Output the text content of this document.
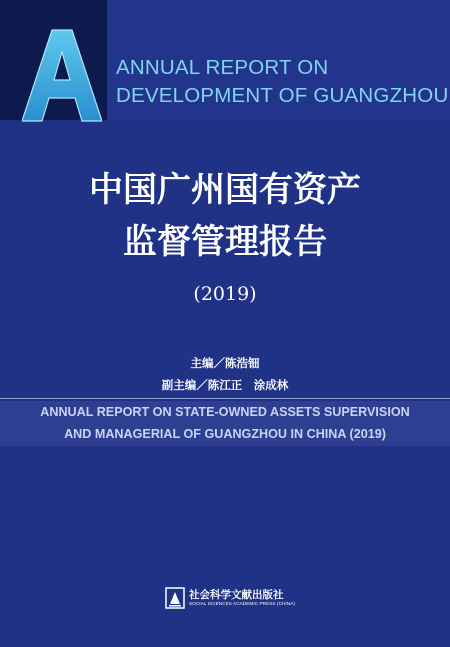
ANNUAL REPORT ON
DEVELOPMENT OF GUANGZHOU
中国广州国有资产
监督管理报告
(2019)
主编／陈浩钿
副主编／陈江正　涂成林
ANNUAL REPORT ON STATE-OWNED ASSETS SUPERVISION
AND MANAGERIAL OF GUANGZHOU IN CHINA (2019)
社会科学文献出版社
SOCIAL SCIENCES ACADEMIC PRESS (CHINA)
